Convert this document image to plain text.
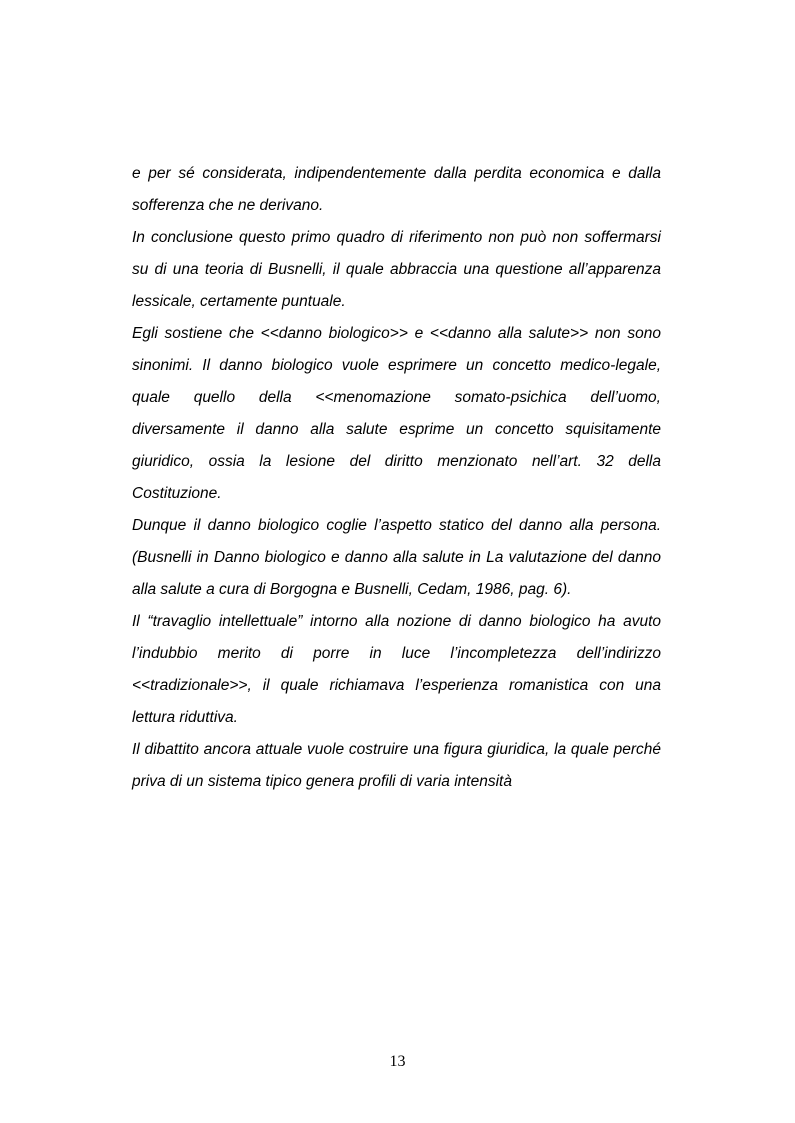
e per sé considerata, indipendentemente dalla perdita economica e dalla sofferenza che ne derivano.

In conclusione questo primo quadro di riferimento non può non soffermarsi su di una teoria di Busnelli, il quale abbraccia una questione all’apparenza lessicale, certamente puntuale.

Egli sostiene che <<danno biologico>> e <<danno alla salute>> non sono sinonimi. Il danno biologico vuole esprimere un concetto medico-legale, quale quello della <<menomazione somato-psichica dell’uomo, diversamente il danno alla salute esprime un concetto squisitamente giuridico, ossia la lesione del diritto menzionato nell’art. 32 della Costituzione.

Dunque il danno biologico coglie l’aspetto statico del danno alla persona. (Busnelli in Danno biologico e danno alla salute in La valutazione del danno alla salute a cura di Borgogna e Busnelli, Cedam, 1986, pag. 6).

Il “travaglio intellettuale” intorno alla nozione di danno biologico ha avuto l’indubbio merito di porre in luce l’incompletezza dell’indirizzo <<tradizionale>>, il quale richiamava l’esperienza romanistica con una lettura riduttiva.

Il dibattito ancora attuale vuole costruire una figura giuridica, la quale perché priva di un sistema tipico genera profili di varia intensità

13
